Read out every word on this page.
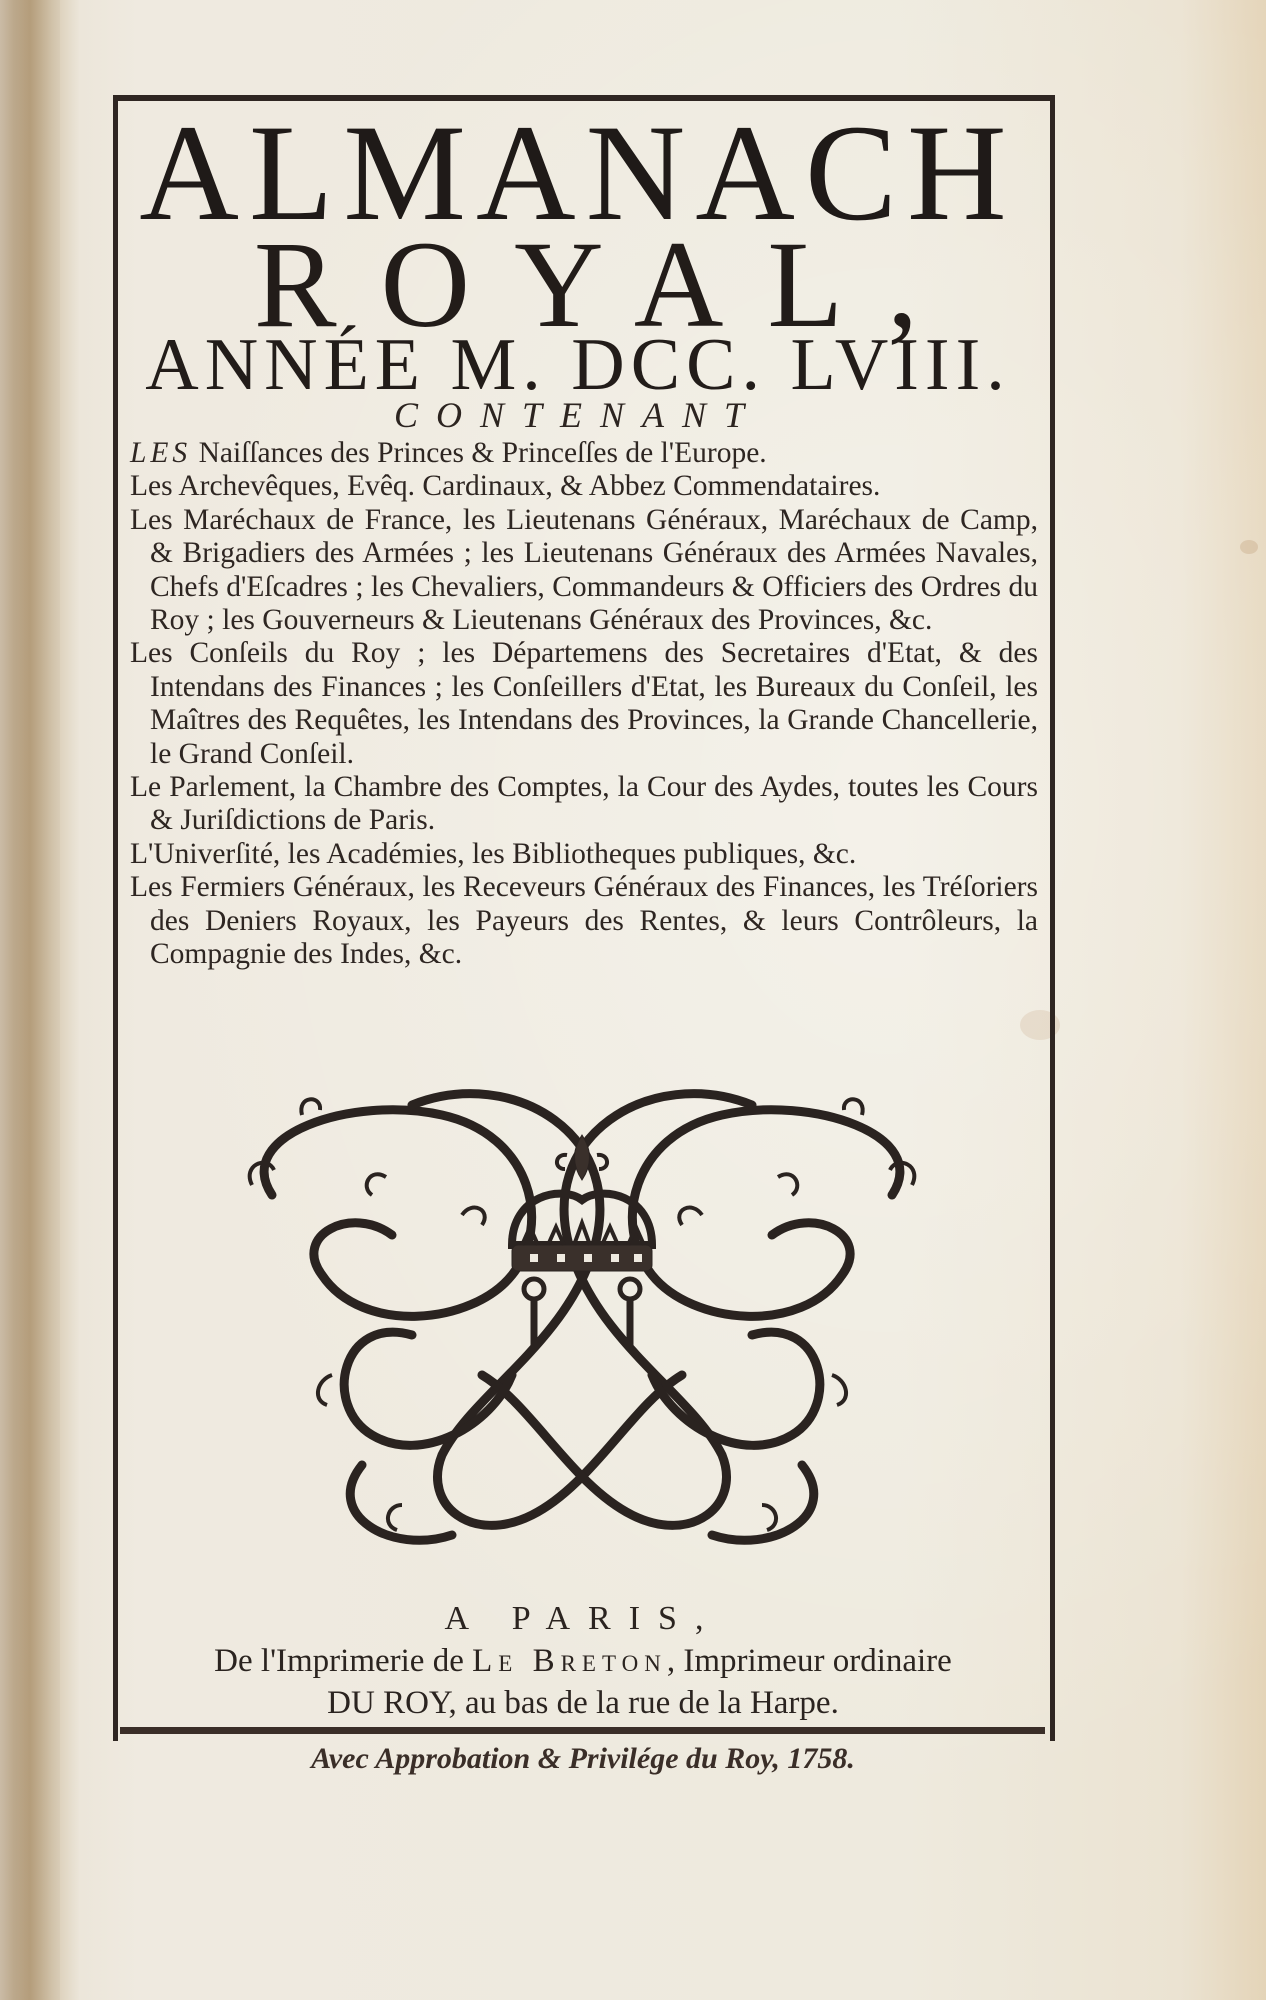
ALMANACH
ROYAL,
ANNÉE M. DCC. LVIII.
CONTENANT

LES Naiſſances des Princes & Princeſſes de l'Europe.

Les Archevêques, Evêq. Cardinaux, & Abbez Commendataires.

Les Maréchaux de France, les Lieutenans Généraux, Maréchaux de Camp, & Brigadiers des Armées ; les Lieutenans Généraux des Armées Navales, Chefs d'Eſcadres ; les Chevaliers, Commandeurs & Officiers des Ordres du Roy ; les Gouverneurs & Lieutenans Généraux des Provinces, &c.

Les Conſeils du Roy ; les Départemens des Secretaires d'Etat, & des Intendans des Finances ; les Conſeillers d'Etat, les Bureaux du Conſeil, les Maîtres des Requêtes, les Intendans des Provinces, la Grande Chancellerie, le Grand Conſeil.

Le Parlement, la Chambre des Comptes, la Cour des Aydes, toutes les Cours & Juriſdictions de Paris.

L'Univerſité, les Académies, les Bibliotheques publiques, &c.

Les Fermiers Généraux, les Receveurs Généraux des Finances, les Tréſoriers des Deniers Royaux, les Payeurs des Rentes, & leurs Contrôleurs, la Compagnie des Indes, &c.

A PARIS,
De l'Imprimerie de Le Breton, Imprimeur ordinaire
DU ROY, au bas de la rue de la Harpe.
Avec Approbation & Privilége du Roy, 1758.
